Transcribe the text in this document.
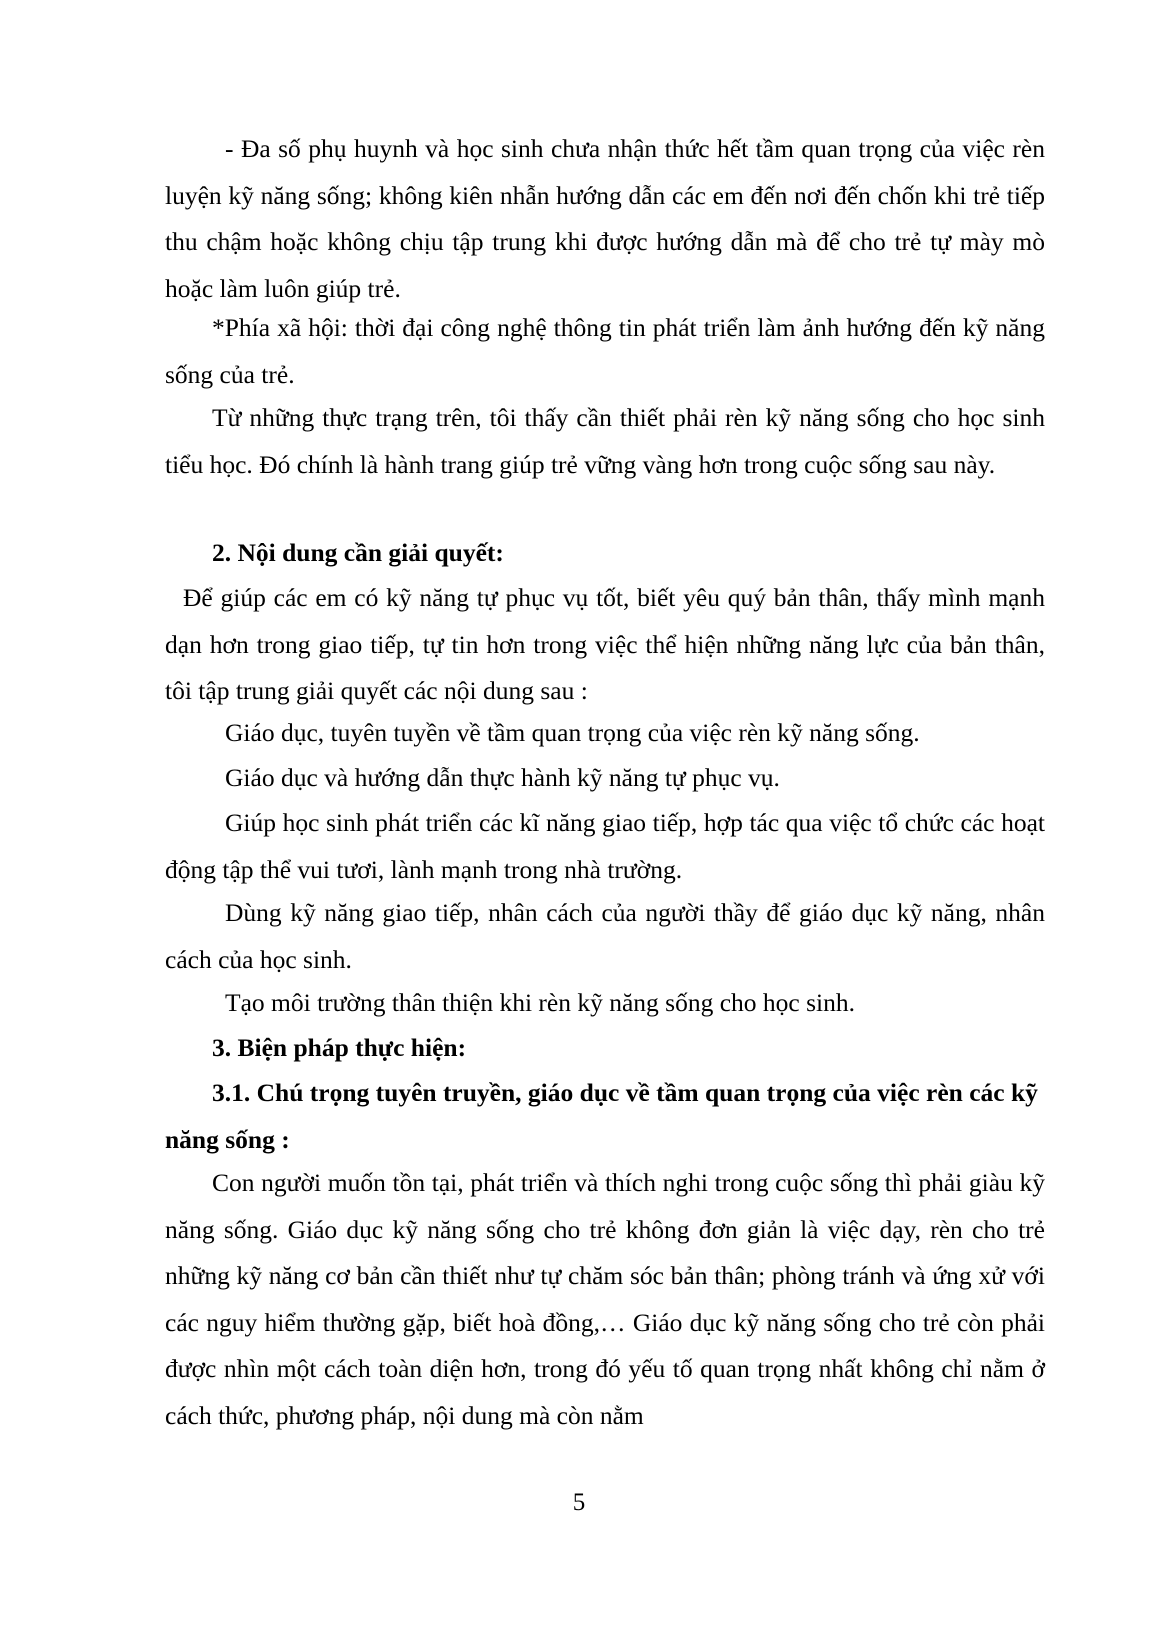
- Đa số phụ huynh và học sinh chưa nhận thức hết tầm quan trọng của việc rèn luyện kỹ năng sống; không kiên nhẫn hướng dẫn các em đến nơi đến chốn khi trẻ tiếp thu chậm hoặc không chịu tập trung khi được hướng dẫn mà để cho trẻ tự mày mò hoặc làm luôn giúp trẻ.

*Phía xã hội: thời đại công nghệ thông tin phát triển làm ảnh hướng đến kỹ năng sống của trẻ.

Từ những thực trạng trên, tôi thấy cần thiết phải rèn kỹ năng sống cho học sinh tiểu học. Đó chính là hành trang giúp trẻ vững vàng hơn trong cuộc sống sau này.

2. Nội dung cần giải quyết:

Để giúp các em có kỹ năng tự phục vụ tốt, biết yêu quý bản thân, thấy mình mạnh dạn hơn trong giao tiếp, tự tin hơn trong việc thể hiện những năng lực của bản thân, tôi tập trung giải quyết các nội dung sau :

Giáo dục, tuyên tuyền về tầm quan trọng của việc rèn kỹ năng sống.

Giáo dục và hướng dẫn thực hành kỹ năng tự phục vụ.

Giúp học sinh phát triển các kĩ năng giao tiếp, hợp tác qua việc tổ chức các hoạt động tập thể vui tươi, lành mạnh trong nhà trường.

Dùng kỹ năng giao tiếp, nhân cách của người thầy để giáo dục kỹ năng, nhân cách của học sinh.

Tạo môi trường thân thiện khi rèn kỹ năng sống cho học sinh.

3. Biện pháp thực hiện:
3.1. Chú trọng tuyên truyền, giáo dục về tầm quan trọng của việc rèn các kỹ năng sống :

Con người muốn tồn tại, phát triển và thích nghi trong cuộc sống thì phải giàu kỹ năng sống. Giáo dục kỹ năng sống cho trẻ không đơn giản là việc dạy, rèn cho trẻ những kỹ năng cơ bản cần thiết như tự chăm sóc bản thân; phòng tránh và ứng xử với các nguy hiểm thường gặp, biết hoà đồng,… Giáo dục kỹ năng sống cho trẻ còn phải được nhìn một cách toàn diện hơn, trong đó yếu tố quan trọng nhất không chỉ nằm ở cách thức, phương pháp, nội dung mà còn nằm

5
